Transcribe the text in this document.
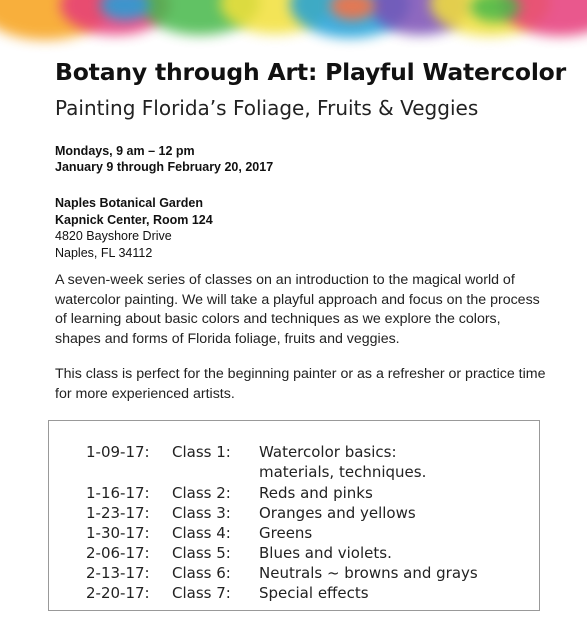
Botany through Art: Playful Watercolor
Painting Florida’s Foliage, Fruits & Veggies
Mondays, 9 am – 12 pm
January 9 through February 20, 2017
Naples Botanical Garden
Kapnick Center, Room 124
4820 Bayshore Drive
Naples, FL 34112

A seven-week series of classes on an introduction to the magical world of watercolor painting. We will take a playful approach and focus on the process of learning about basic colors and techniques as we explore the colors, shapes and forms of Florida foliage, fruits and veggies.

This class is perfect for the beginning painter or as a refresher or practice time for more experienced artists.

1-09-17: Class 1: Watercolor basics:
materials, techniques.
1-16-17: Class 2: Reds and pinks
1-23-17: Class 3: Oranges and yellows
1-30-17: Class 4: Greens
2-06-17: Class 5: Blues and violets.
2-13-17: Class 6: Neutrals ~ browns and grays
2-20-17: Class 7: Special effects
